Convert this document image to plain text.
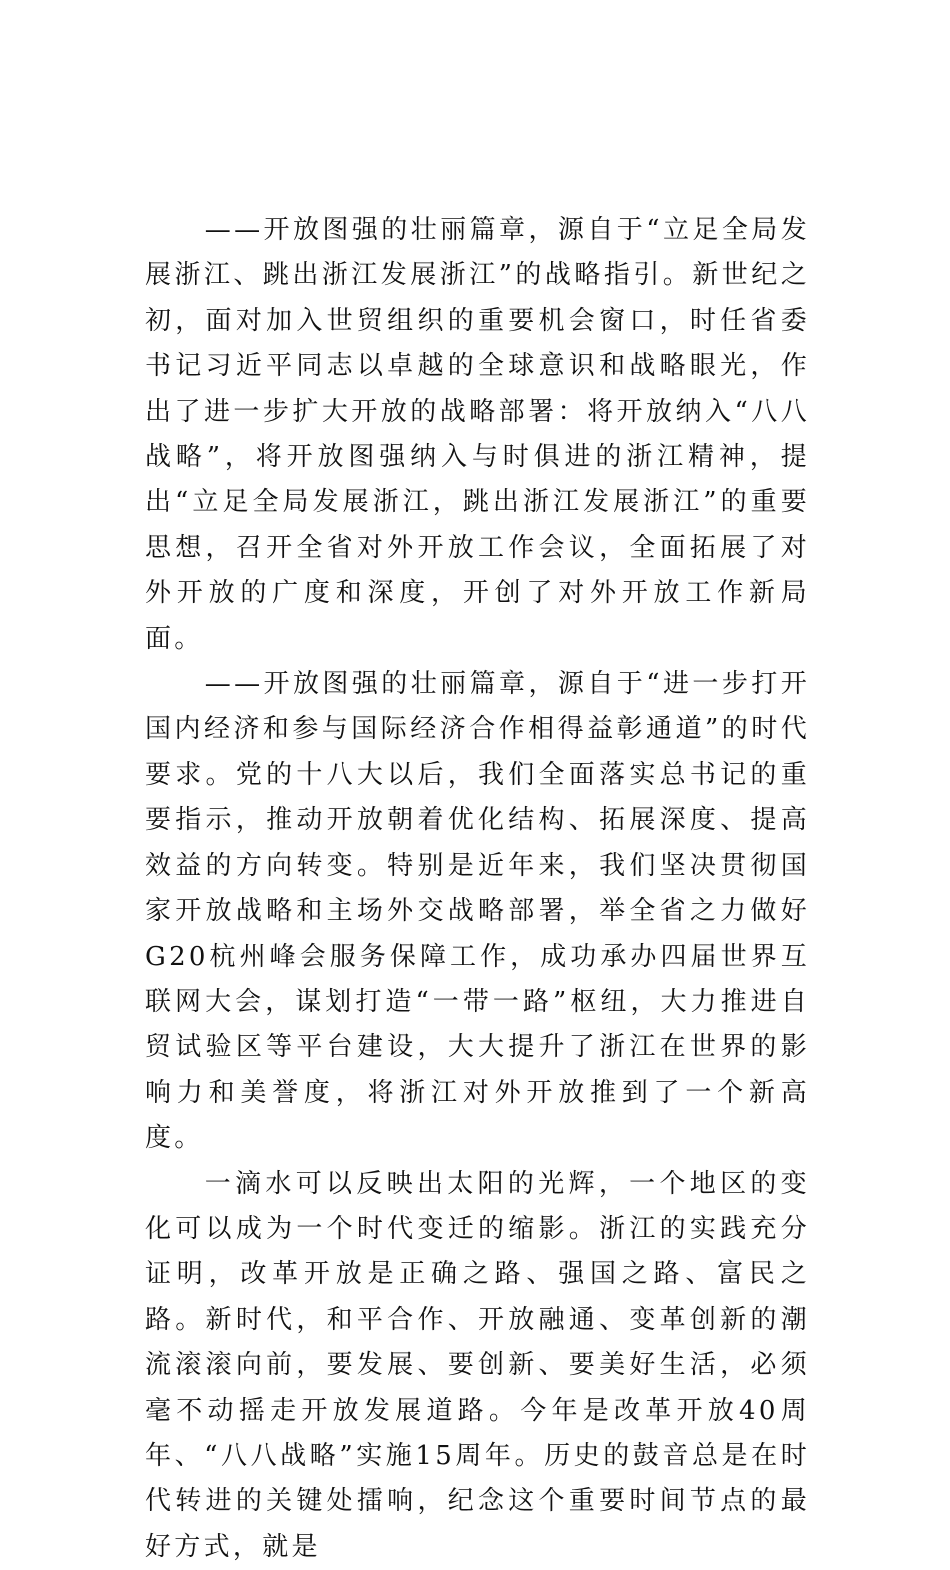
——开放图强的壮丽篇章，源自于“立足全局发展浙江、跳出浙江发展浙江”的战略指引。新世纪之初，面对加入世贸组织的重要机会窗口，时任省委书记习近平同志以卓越的全球意识和战略眼光，作出了进一步扩大开放的战略部署：将开放纳入“八八战略”，将开放图强纳入与时俱进的浙江精神，提出“立足全局发展浙江，跳出浙江发展浙江”的重要思想，召开全省对外开放工作会议，全面拓展了对外开放的广度和深度，开创了对外开放工作新局面。

——开放图强的壮丽篇章，源自于“进一步打开国内经济和参与国际经济合作相得益彰通道”的时代要求。党的十八大以后，我们全面落实总书记的重要指示，推动开放朝着优化结构、拓展深度、提高效益的方向转变。特别是近年来，我们坚决贯彻国家开放战略和主场外交战略部署，举全省之力做好G20杭州峰会服务保障工作，成功承办四届世界互联网大会，谋划打造“一带一路”枢纽，大力推进自贸试验区等平台建设，大大提升了浙江在世界的影响力和美誉度，将浙江对外开放推到了一个新高度。

一滴水可以反映出太阳的光辉，一个地区的变化可以成为一个时代变迁的缩影。浙江的实践充分证明，改革开放是正确之路、强国之路、富民之路。新时代，和平合作、开放融通、变革创新的潮流滚滚向前，要发展、要创新、要美好生活，必须毫不动摇走开放发展道路。今年是改革开放40周年、“八八战略”实施15周年。历史的鼓音总是在时代转进的关键处擂响，纪念这个重要时间节点的最好方式，就是
